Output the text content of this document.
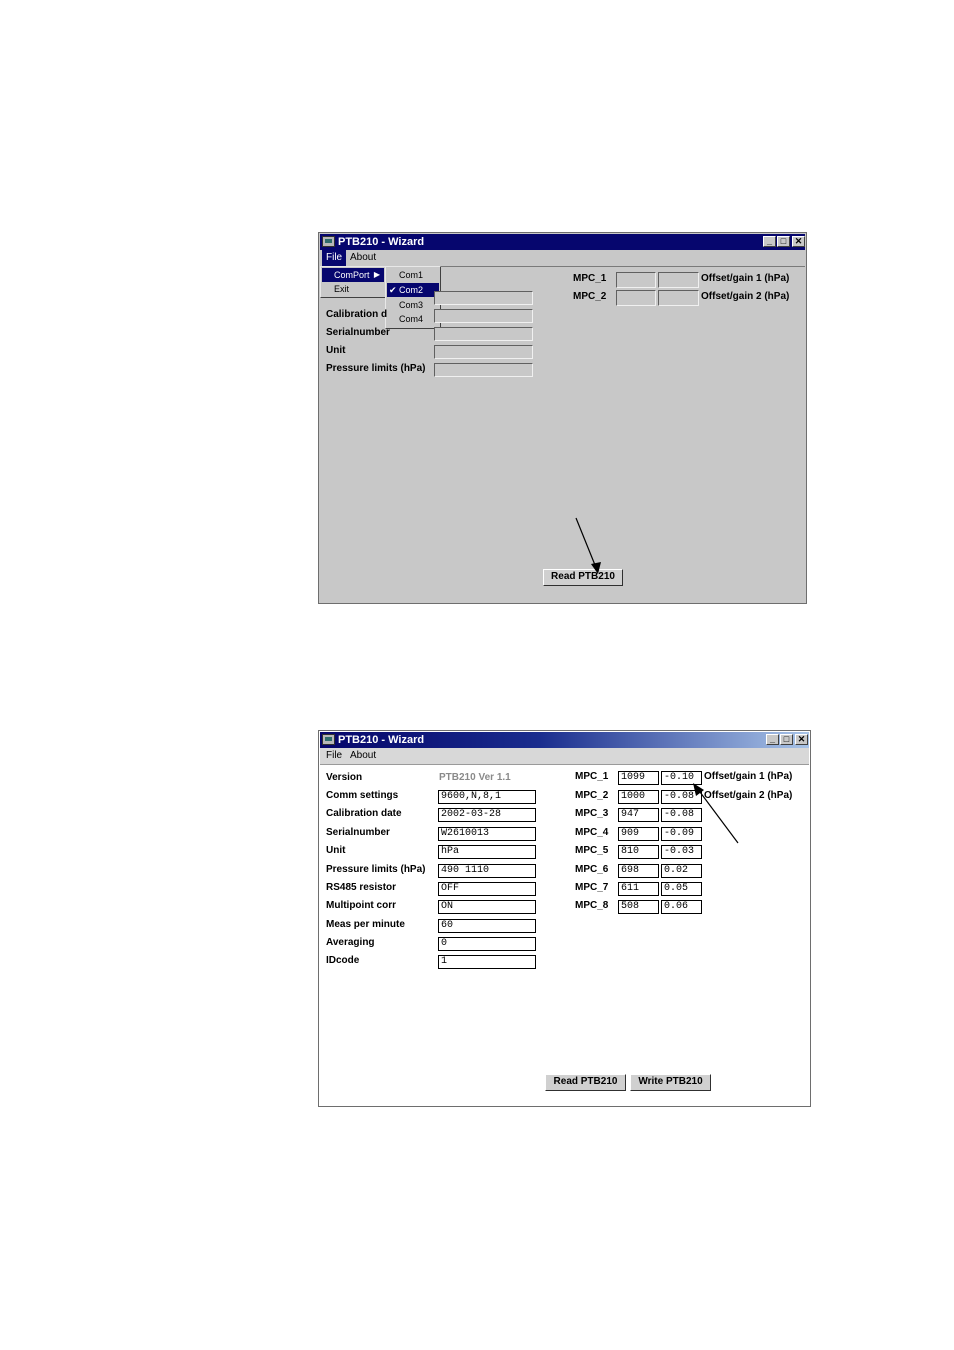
PTB210 - Wizard	_ □ ✕
File About
ComPort ▶
Exit
Com1
✔ Com2
Com3
Com4
Calibration d
Serialnumber
Unit
Pressure limits (hPa)
MPC_1	Offset/gain 1 (hPa)
MPC_2	Offset/gain 2 (hPa)
Read PTB210
PTB210 - Wizard	_ □ ✕
File About
Version	PTB210 Ver 1.1
Comm settings	9600,N,8,1
Calibration date	2002-03-28
Serialnumber	W2610013
Unit	hPa
Pressure limits (hPa)	490 1110
RS485 resistor	OFF
Multipoint corr	ON
Meas per minute	60
Averaging	0
IDcode	1
MPC_1	1099	-0.10 Offset/gain 1 (hPa)
MPC_2	1000	-0.08 Offset/gain 2 (hPa)
MPC_3	947	-0.08
MPC_4	909	-0.09
MPC_5	810	-0.03
MPC_6	698	0.02
MPC_7	611	0.05
MPC_8	508	0.06
Read PTB210	Write PTB210
